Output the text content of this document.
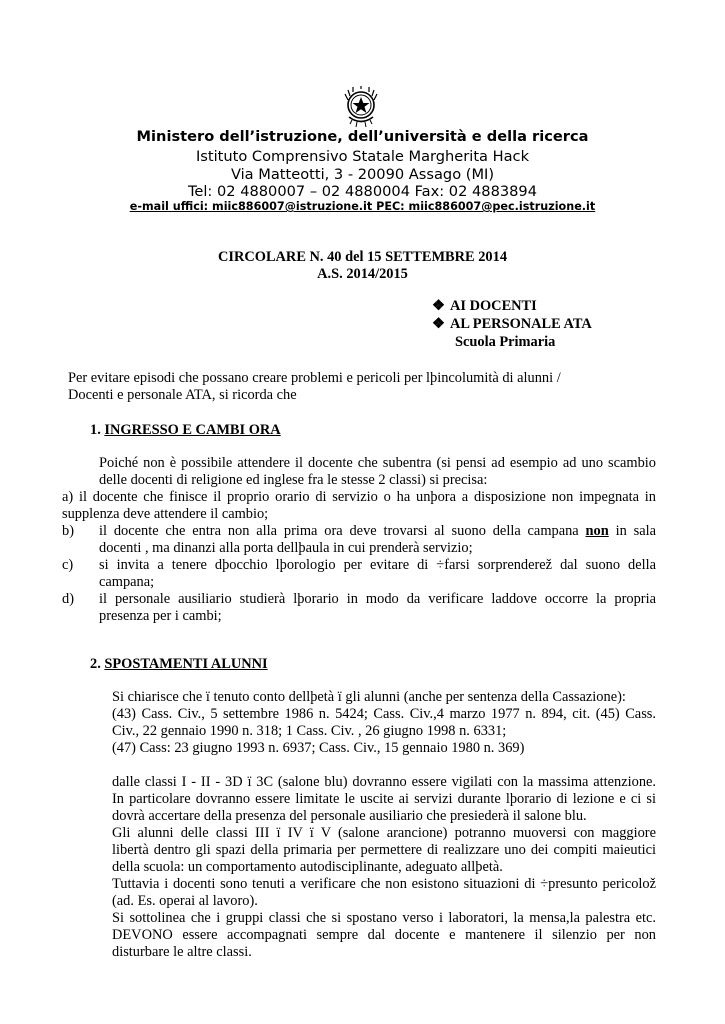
Ministero dell’istruzione, dell’università e della ricerca
Istituto Comprensivo Statale Margherita Hack
Via Matteotti, 3 - 20090 Assago (MI)
Tel: 02 4880007 – 02 4880004 Fax: 02 4883894
e-mail uffici: miic886007@istruzione.it PEC: miic886007@pec.istruzione.it
CIRCOLARE N. 40 del 15 SETTEMBRE 2014
A.S. 2014/2015
❖ AI DOCENTI
❖ AL PERSONALE ATA
Scuola Primaria
Per evitare episodi che possano creare problemi e pericoli per lþincolumità di alunni /
Docenti e personale ATA, si ricorda che
1. INGRESSO E CAMBI ORA
Poiché non è possibile attendere il docente che subentra (si pensi ad esempio ad uno scambio
delle docenti di religione ed inglese fra le stesse 2 classi) si precisa:
a) il docente che finisce il proprio orario di servizio o ha unþora a disposizione non impegnata in
supplenza deve attendere il cambio;
b) il docente che entra non alla prima ora deve trovarsi al suono della campana non in sala
docenti , ma dinanzi alla porta dellþaula in cui prenderà servizio;
c) si invita a tenere dþocchio lþorologio per evitare di ÷farsi sorprenderež dal suono della
campana;
d) il personale ausiliario studierà lþorario in modo da verificare laddove occorre la propria
presenza per i cambi;
2. SPOSTAMENTI ALUNNI
Si chiarisce che ï tenuto conto dellþetà ï gli alunni (anche per sentenza della Cassazione):
(43) Cass. Civ., 5 settembre 1986 n. 5424; Cass. Civ.,4 marzo 1977 n. 894, cit. (45) Cass.
Civ., 22 gennaio 1990 n. 318; 1 Cass. Civ. , 26 giugno 1998 n. 6331;
(47) Cass: 23 giugno 1993 n. 6937; Cass. Civ., 15 gennaio 1980 n. 369)
dalle classi I - II - 3D ï 3C (salone blu) dovranno essere vigilati con la massima attenzione.
In particolare dovranno essere limitate le uscite ai servizi durante lþorario di lezione e ci si
dovrà accertare della presenza del personale ausiliario che presiederà il salone blu.
Gli alunni delle classi III ï IV ï V (salone arancione) potranno muoversi con maggiore
libertà dentro gli spazi della primaria per permettere di realizzare uno dei compiti maieutici
della scuola: un comportamento autodisciplinante, adeguato allþetà.
Tuttavia i docenti sono tenuti a verificare che non esistono situazioni di ÷presunto pericolož
(ad. Es. operai al lavoro).
Si sottolinea che i gruppi classi che si spostano verso i laboratori, la mensa,la palestra etc.
DEVONO essere accompagnati sempre dal docente e mantenere il silenzio per non
disturbare le altre classi.
